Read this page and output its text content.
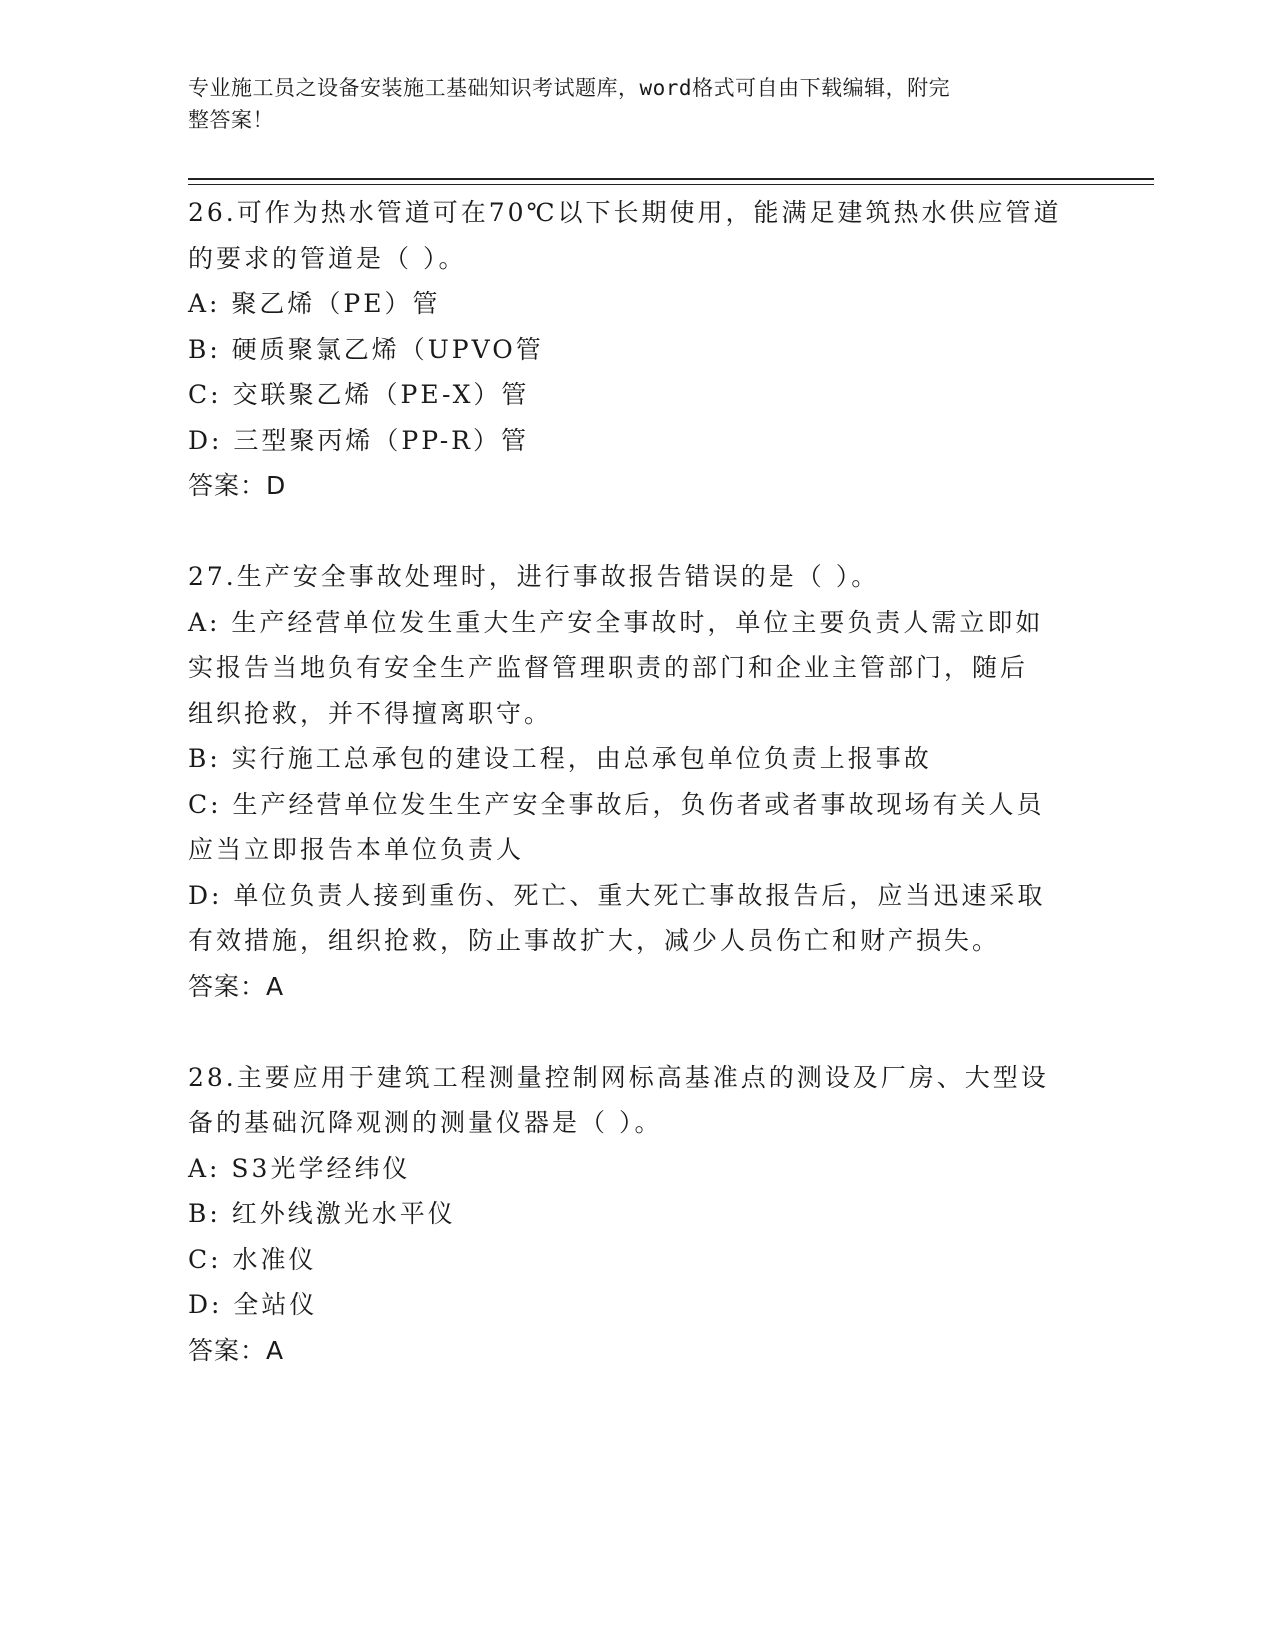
专业施工员之设备安装施工基础知识考试题库，word格式可自由下载编辑，附完
整答案！

26.可作为热水管道可在70℃以下长期使用，能满足建筑热水供应管道

的要求的管道是（ ）。

A: 聚乙烯（PE）管

B: 硬质聚氯乙烯（UPVO管

C: 交联聚乙烯（PE-X）管

D: 三型聚丙烯（PP-R）管

答案：D

27.生产安全事故处理时，进行事故报告错误的是（ ）。

A: 生产经营单位发生重大生产安全事故时，单位主要负责人需立即如

实报告当地负有安全生产监督管理职责的部门和企业主管部门，随后

组织抢救，并不得擅离职守。

B: 实行施工总承包的建设工程，由总承包单位负责上报事故

C: 生产经营单位发生生产安全事故后，负伤者或者事故现场有关人员

应当立即报告本单位负责人

D: 单位负责人接到重伤、死亡、重大死亡事故报告后，应当迅速采取

有效措施，组织抢救，防止事故扩大，减少人员伤亡和财产损失。

答案：A

28.主要应用于建筑工程测量控制网标高基准点的测设及厂房、大型设

备的基础沉降观测的测量仪器是（ ）。

A: S3光学经纬仪

B: 红外线激光水平仪

C: 水准仪

D: 全站仪

答案：A
